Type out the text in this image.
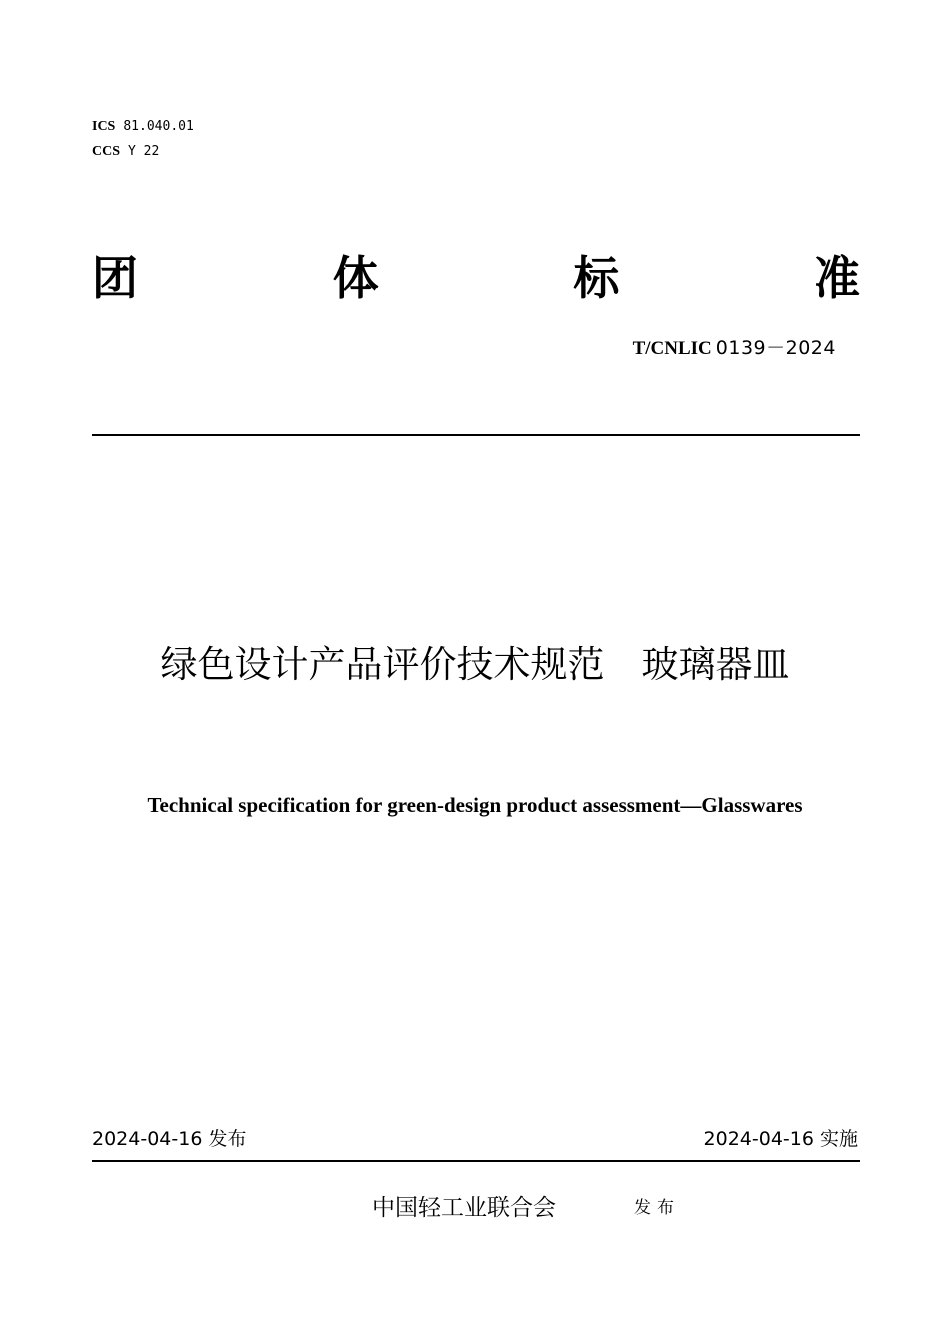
ICS 81.040.01
CCS Y 22
团	体	标	准
T/CNLIC 0139－2024
绿色设计产品评价技术规范　玻璃器皿
Technical specification for green-design product assessment—Glasswares
2024-04-16 发布	2024-04-16 实施
中国轻工业联合会	发布
